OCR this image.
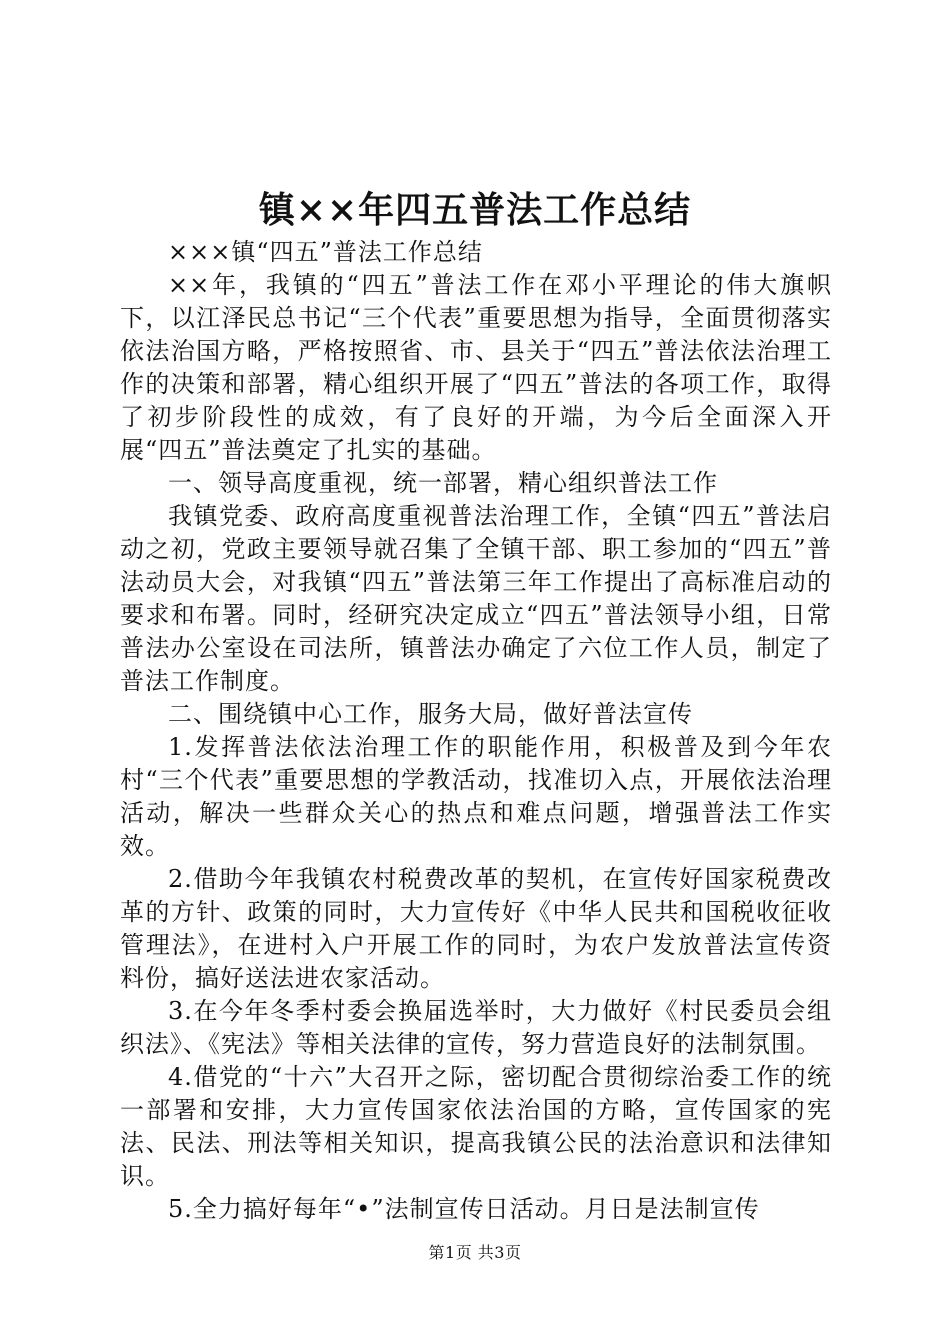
镇××年四五普法工作总结

×××镇“四五”普法工作总结

××年，我镇的“四五”普法工作在邓小平理论的伟大旗帜下，以江泽民总书记“三个代表”重要思想为指导，全面贯彻落实依法治国方略，严格按照省、市、县关于“四五”普法依法治理工作的决策和部署，精心组织开展了“四五”普法的各项工作，取得了初步阶段性的成效，有了良好的开端，为今后全面深入开展“四五”普法奠定了扎实的基础。

一、领导高度重视，统一部署，精心组织普法工作

我镇党委、政府高度重视普法治理工作，全镇“四五”普法启动之初，党政主要领导就召集了全镇干部、职工参加的“四五”普法动员大会，对我镇“四五”普法第三年工作提出了高标准启动的要求和布署。同时，经研究决定成立“四五”普法领导小组，日常普法办公室设在司法所，镇普法办确定了六位工作人员，制定了普法工作制度。

二、围绕镇中心工作，服务大局，做好普法宣传

1.发挥普法依法治理工作的职能作用，积极普及到今年农村“三个代表”重要思想的学教活动，找准切入点，开展依法治理活动，解决一些群众关心的热点和难点问题，增强普法工作实效。

2.借助今年我镇农村税费改革的契机，在宣传好国家税费改革的方针、政策的同时，大力宣传好《中华人民共和国税收征收管理法》，在进村入户开展工作的同时，为农户发放普法宣传资料份，搞好送法进农家活动。

3.在今年冬季村委会换届选举时，大力做好《村民委员会组织法》、《宪法》等相关法律的宣传，努力营造良好的法制氛围。

4.借党的“十六”大召开之际，密切配合贯彻综治委工作的统一部署和安排，大力宣传国家依法治国的方略，宣传国家的宪法、民法、刑法等相关知识，提高我镇公民的法治意识和法律知识。

5.全力搞好每年“•”法制宣传日活动。月日是法制宣传

第1页 共3页
